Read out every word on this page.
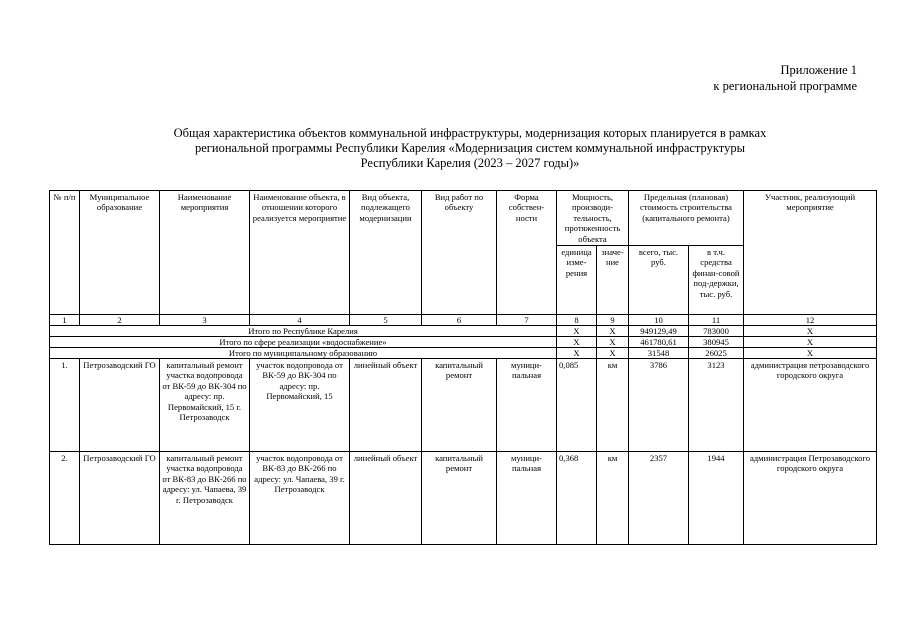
Приложение 1
к региональной программе
Общая характеристика объектов коммунальной инфраструктуры, модернизация которых планируется в рамках
региональной программы Республики Карелия «Модернизация систем коммунальной инфраструктуры
Республики Карелия (2023 – 2027 годы)»
№ п/п	Муниципальное образование	Наименование мероприятия	Наименование объекта, в отношении которого реализуется мероприятие	Вид объекта, подлежащего модернизации	Вид работ по объекту	Форма собствен-ности	Мощность, производи-тельность, протяженность объекта		Предельная (плановая) стоимость строительства (капитального ремонта)		Участник, реализующий мероприятие
							единица изме-рения	значе-ние	всего, тыс. руб.	в т.ч. средства финан-совой под-держки, тыс. руб.	
1	2	3	4	5	6	7	8	9	10	11	12
Итого по Республике Карелия							Х	Х	949129,49	783000	Х
Итого по сфере реализации «водоснабжение»							Х	Х	461780,61	380945	Х
Итого по муниципальному образованию							Х	Х	31548	26025	Х
1.	Петрозаводский ГО	капитальный ремонт участка водопровода от ВК-59 до ВК-304 по адресу: пр. Первомайский, 15 г. Петрозаводск	участок водопровода от ВК-59 до ВК-304 по адресу: пр. Первомайский, 15	линейный объект	капитальный ремонт	муници-пальная	0,085	км	3786	3123	администрация петрозаводского городского округа
2.	Петрозаводский ГО	капитальный ремонт участка водопровода от ВК-83 до ВК-266 по адресу: ул. Чапаева, 39 г. Петрозаводск	участок водопровода от ВК-83 до ВК-266 по адресу: ул. Чапаева, 39 г. Петрозаводск	линейный объект	капитальный ремонт	муници-пальная	0,368	км	2357	1944	администрация Петрозаводского городского округа
